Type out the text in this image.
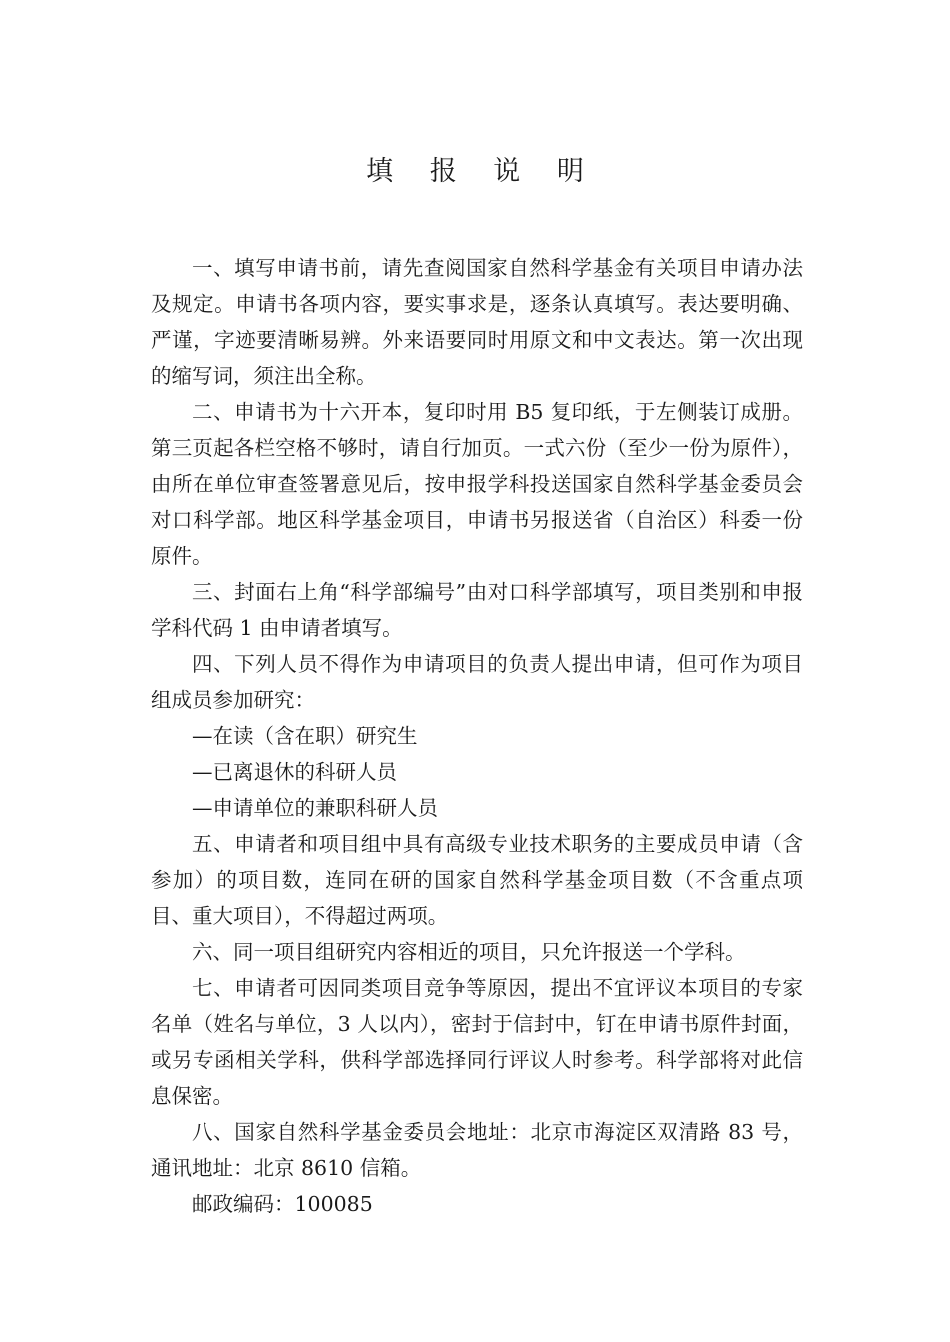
填 报 说 明

一、填写申请书前，请先查阅国家自然科学基金有关项目申请办法及规定。申请书各项内容，要实事求是，逐条认真填写。表达要明确、严谨，字迹要清晰易辨。外来语要同时用原文和中文表达。第一次出现的缩写词，须注出全称。

二、申请书为十六开本，复印时用 B5 复印纸，于左侧装订成册。第三页起各栏空格不够时，请自行加页。一式六份（至少一份为原件），由所在单位审查签署意见后，按申报学科投送国家自然科学基金委员会对口科学部。地区科学基金项目，申请书另报送省（自治区）科委一份原件。

三、封面右上角“科学部编号”由对口科学部填写，项目类别和申报学科代码 1 由申请者填写。

四、下列人员不得作为申请项目的负责人提出申请，但可作为项目组成员参加研究：

—在读（含在职）研究生

—已离退休的科研人员

—申请单位的兼职科研人员

五、申请者和项目组中具有高级专业技术职务的主要成员申请（含参加）的项目数，连同在研的国家自然科学基金项目数（不含重点项目、重大项目），不得超过两项。

六、同一项目组研究内容相近的项目，只允许报送一个学科。

七、申请者可因同类项目竞争等原因，提出不宜评议本项目的专家名单（姓名与单位，3 人以内），密封于信封中，钉在申请书原件封面，或另专函相关学科，供科学部选择同行评议人时参考。科学部将对此信息保密。

八、国家自然科学基金委员会地址：北京市海淀区双清路 83 号，通讯地址：北京 8610 信箱。

邮政编码：100085
